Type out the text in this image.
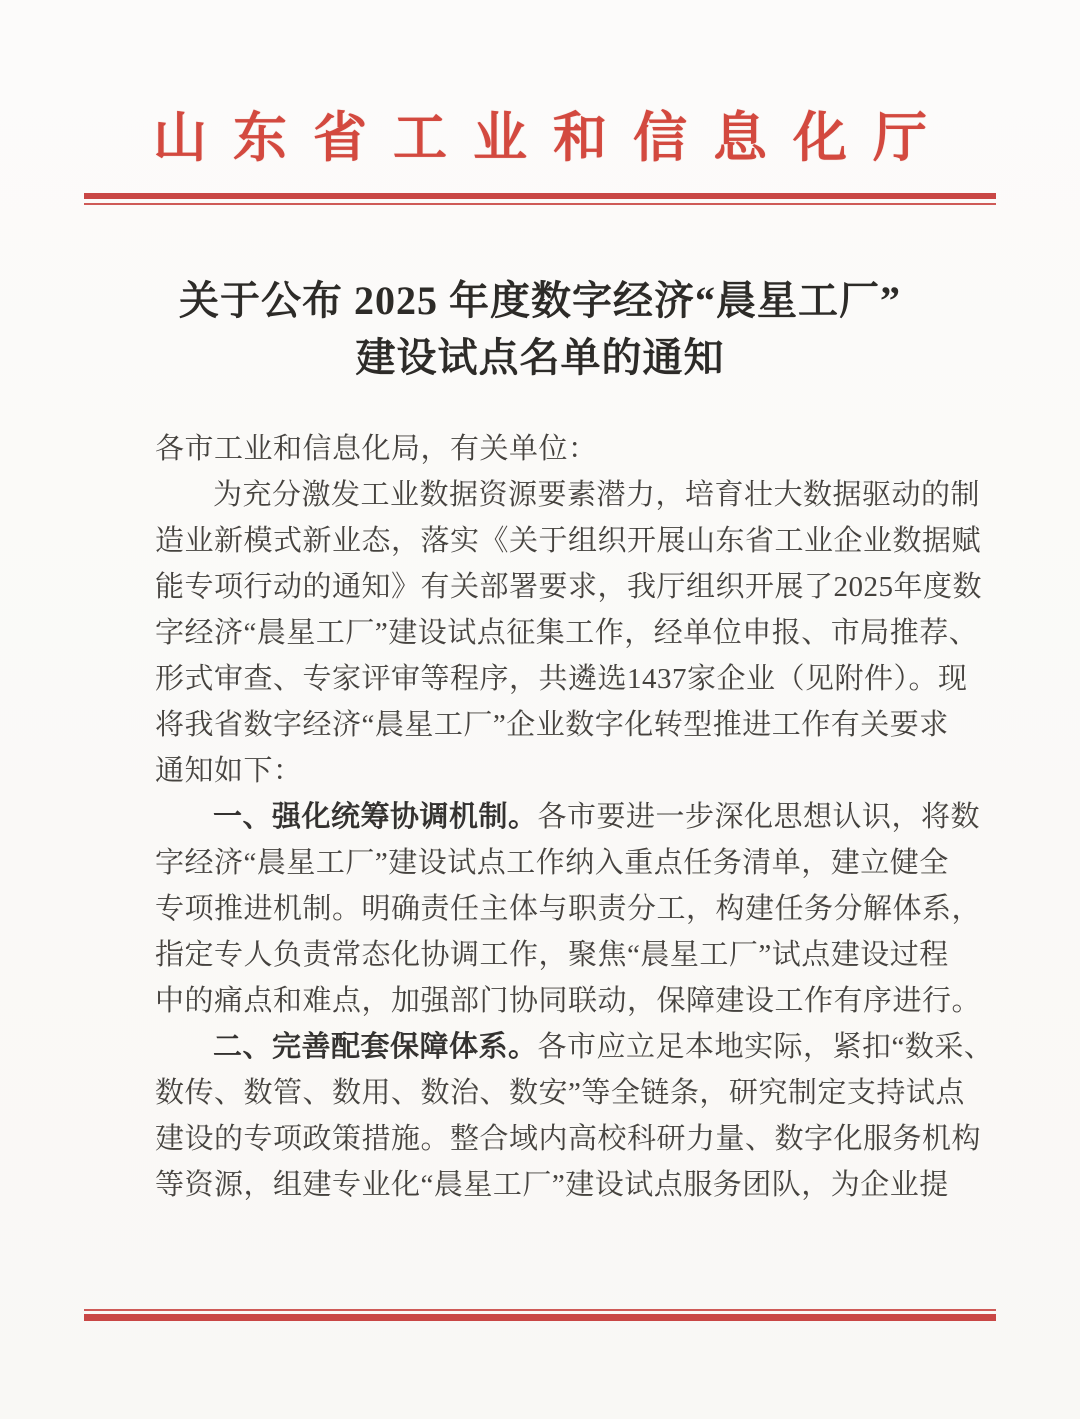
山东省工业和信息化厅
关于公布 2025 年度数字经济“晨星工厂”
建设试点名单的通知

各市工业和信息化局，有关单位：

为充分激发工业数据资源要素潜力，培育壮大数据驱动的制

造业新模式新业态，落实《关于组织开展山东省工业企业数据赋

能专项行动的通知》有关部署要求，我厅组织开展了2025年度数

字经济“晨星工厂”建设试点征集工作，经单位申报、市局推荐、

形式审查、专家评审等程序，共遴选1437家企业（见附件）。现

将我省数字经济“晨星工厂”企业数字化转型推进工作有关要求

通知如下：

一、强化统筹协调机制。各市要进一步深化思想认识，将数

字经济“晨星工厂”建设试点工作纳入重点任务清单，建立健全

专项推进机制。明确责任主体与职责分工，构建任务分解体系，

指定专人负责常态化协调工作，聚焦“晨星工厂”试点建设过程

中的痛点和难点，加强部门协同联动，保障建设工作有序进行。

二、完善配套保障体系。各市应立足本地实际，紧扣“数采、

数传、数管、数用、数治、数安”等全链条，研究制定支持试点

建设的专项政策措施。整合域内高校科研力量、数字化服务机构

等资源，组建专业化“晨星工厂”建设试点服务团队，为企业提
